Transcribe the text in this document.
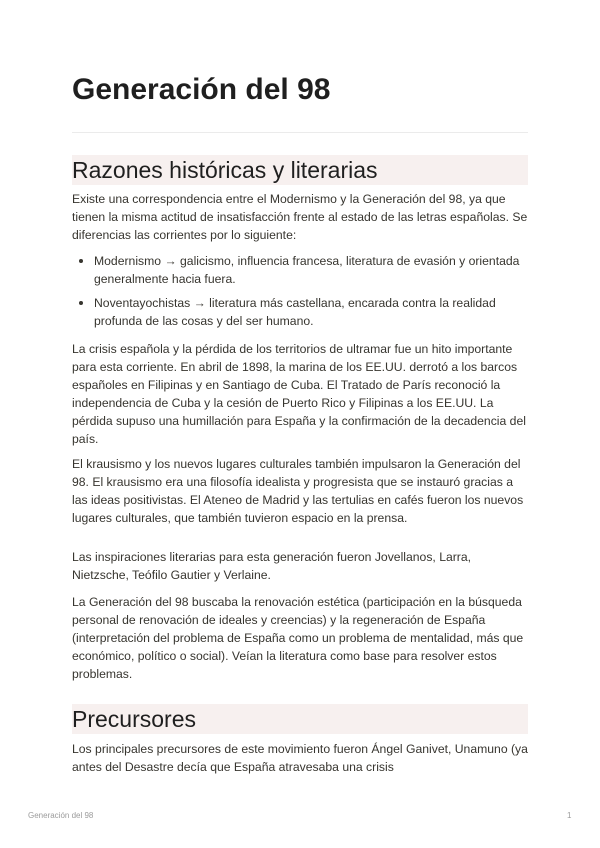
Generación del 98
Razones históricas y literarias

Existe una correspondencia entre el Modernismo y la Generación del 98, ya que tienen la misma actitud de insatisfacción frente al estado de las letras españolas. Se diferencias las corrientes por lo siguiente:

Modernismo → galicismo, influencia francesa, literatura de evasión y orientada generalmente hacia fuera.
Noventayochistas → literatura más castellana, encarada contra la realidad profunda de las cosas y del ser humano.

La crisis española y la pérdida de los territorios de ultramar fue un hito importante para esta corriente. En abril de 1898, la marina de los EE.UU. derrotó a los barcos españoles en Filipinas y en Santiago de Cuba. El Tratado de París reconoció la independencia de Cuba y la cesión de Puerto Rico y Filipinas a los EE.UU. La pérdida supuso una humillación para España y la confirmación de la decadencia del país.

El krausismo y los nuevos lugares culturales también impulsaron la Generación del 98. El krausismo era una filosofía idealista y progresista que se instauró gracias a las ideas positivistas. El Ateneo de Madrid y las tertulias en cafés fueron los nuevos lugares culturales, que también tuvieron espacio en la prensa.

Las inspiraciones literarias para esta generación fueron Jovellanos, Larra, Nietzsche, Teófilo Gautier y Verlaine.

La Generación del 98 buscaba la renovación estética (participación en la búsqueda personal de renovación de ideales y creencias) y la regeneración de España (interpretación del problema de España como un problema de mentalidad, más que económico, político o social). Veían la literatura como base para resolver estos problemas.

Precursores

Los principales precursores de este movimiento fueron Ángel Ganivet, Unamuno (ya antes del Desastre decía que España atravesaba una crisis

Generación del 98	1
